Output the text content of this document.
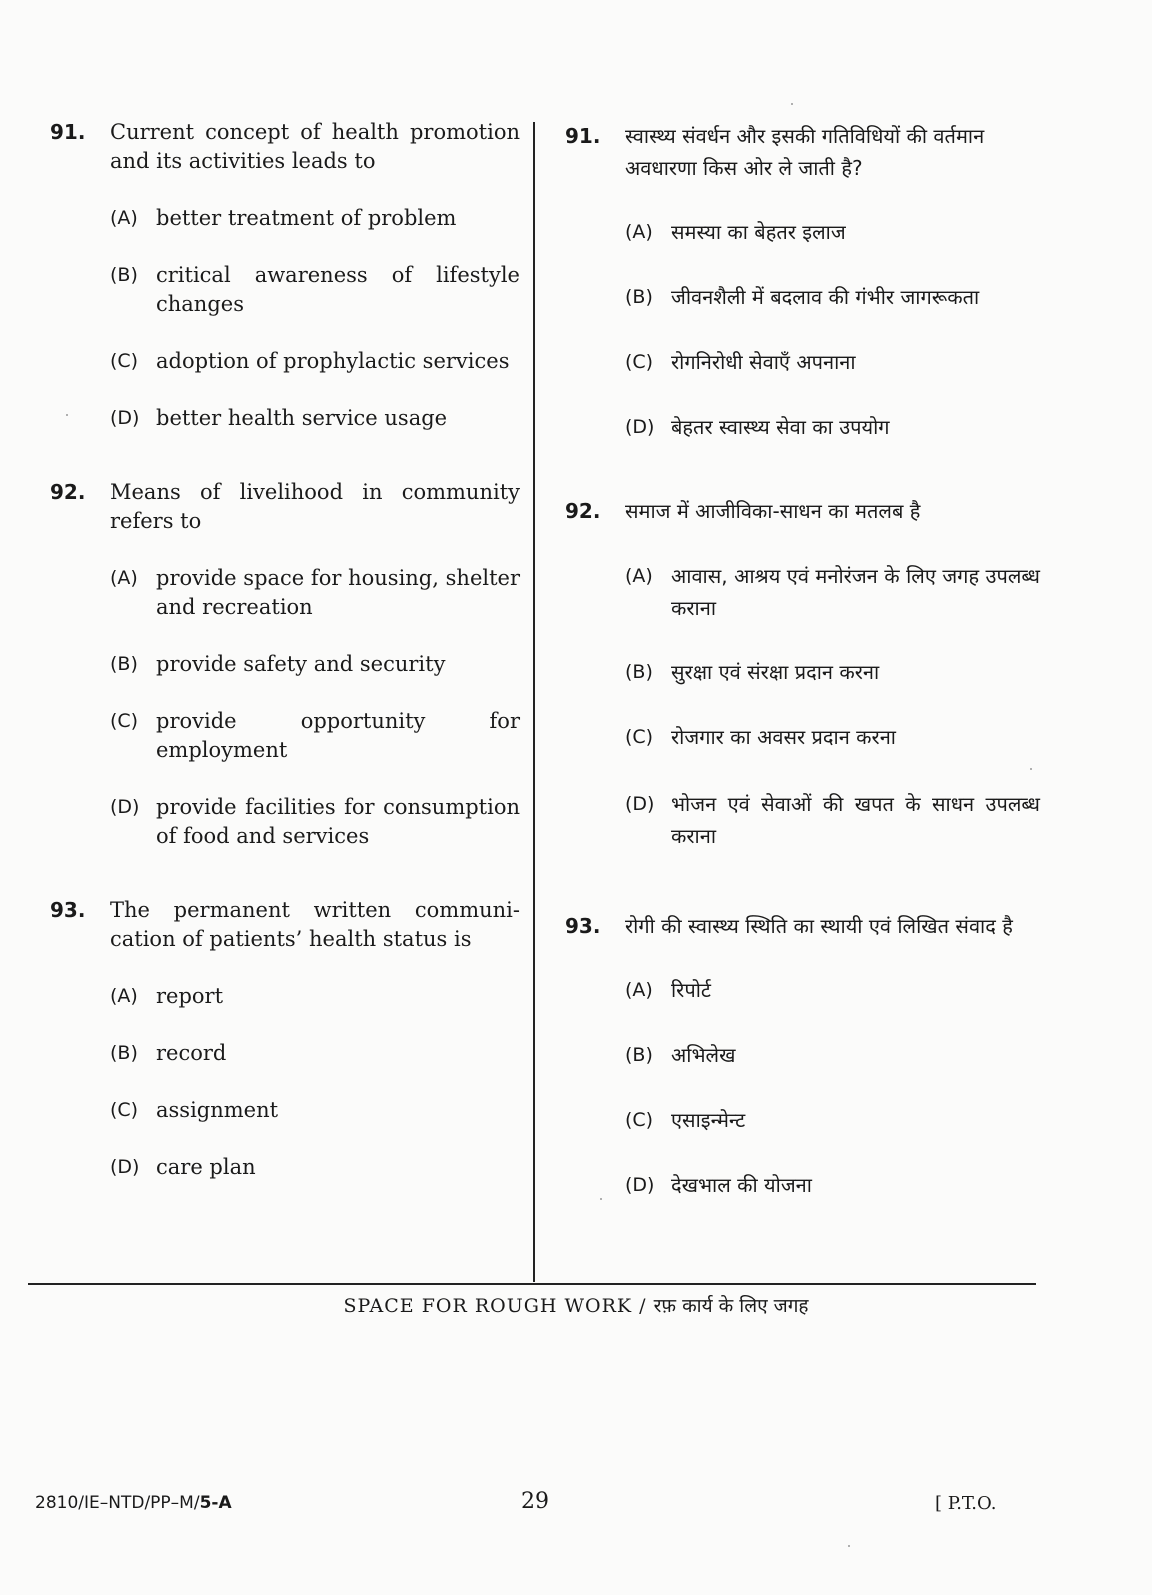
91. Current concept of health promotion and its activities leads to
(A) better treatment of problem
(B) critical awareness of lifestyle changes
(C) adoption of prophylactic services
(D) better health service usage
92. Means of livelihood in community refers to
(A) provide space for housing, shelter and recreation
(B) provide safety and security
(C) provide opportunity for employment
(D) provide facilities for consumption of food and services
93. The permanent written communi-cation of patients’ health status is
(A) report
(B) record
(C) assignment
(D) care plan
91. स्वास्थ्य संवर्धन और इसकी गतिविधियों की वर्तमान अवधारणा किस ओर ले जाती है?
(A) समस्या का बेहतर इलाज
(B) जीवनशैली में बदलाव की गंभीर जागरूकता
(C) रोगनिरोधी सेवाएँ अपनाना
(D) बेहतर स्वास्थ्य सेवा का उपयोग
92. समाज में आजीविका-साधन का मतलब है
(A) आवास, आश्रय एवं मनोरंजन के लिए जगह उपलब्ध कराना
(B) सुरक्षा एवं संरक्षा प्रदान करना
(C) रोजगार का अवसर प्रदान करना
(D) भोजन एवं सेवाओं की खपत के साधन उपलब्ध कराना
93. रोगी की स्वास्थ्य स्थिति का स्थायी एवं लिखित संवाद है
(A) रिपोर्ट
(B) अभिलेख
(C) एसाइन्मेन्ट
(D) देखभाल की योजना
SPACE FOR ROUGH WORK / रफ़ कार्य के लिए जगह
2810/IE–NTD/PP–M/5-A	29	[ P.T.O.
